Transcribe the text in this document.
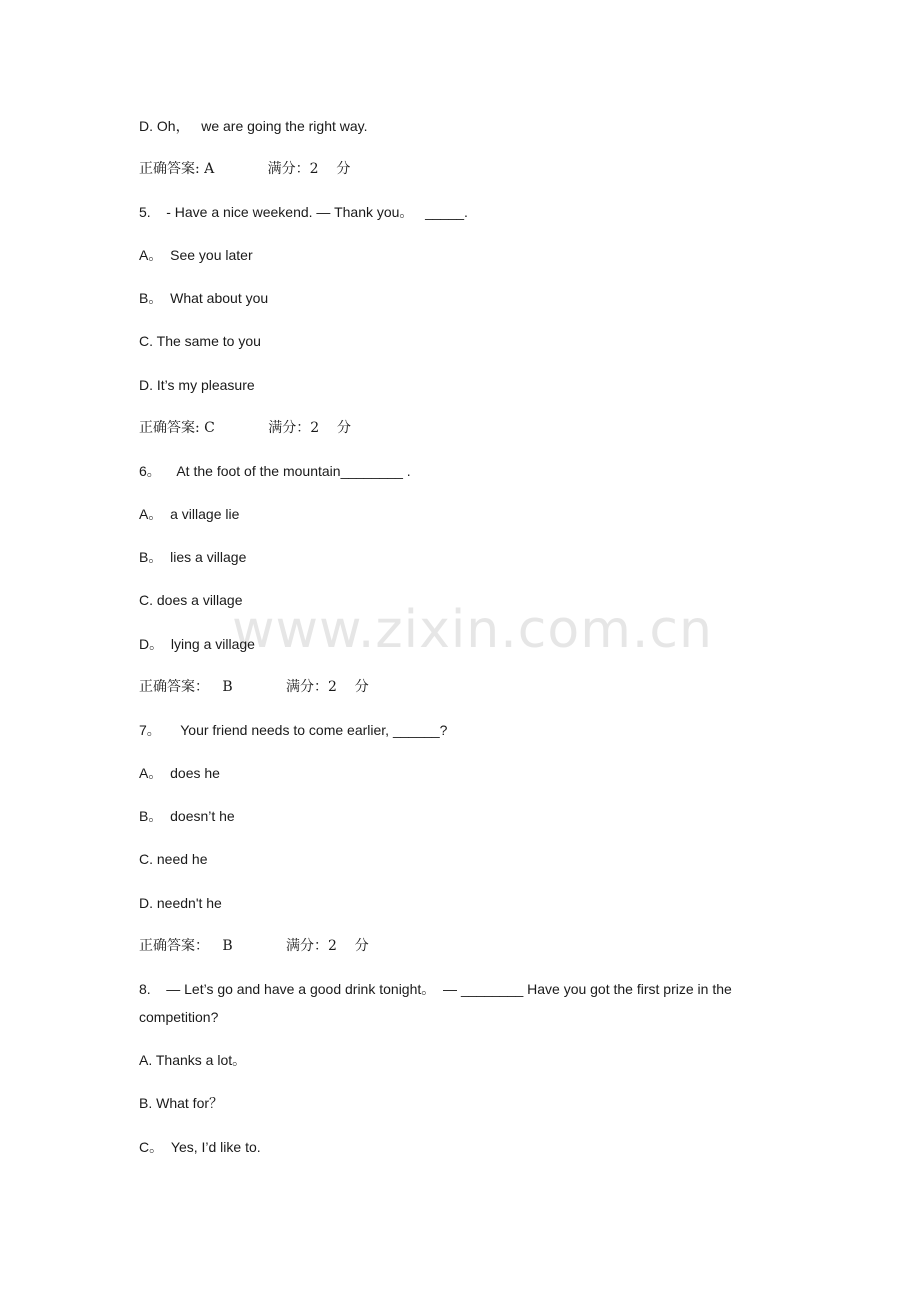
www.zixin.com.cn
D. Oh，   we are going the right way.
正确答案: A            满分：2    分
5.    - Have a nice weekend. — Thank you。   _____.
A。  See you later
B。  What about you
C. The same to you
D. It’s my pleasure
正确答案: C            满分：2    分
6。    At the foot of the mountain________ .
A。  a village lie
B。  lies a village
C. does a village
D。  lying a village
正确答案：   B            满分：2    分
7。     Your friend needs to come earlier, ______?
A。  does he
B。  doesn’t he
C. need he
D. needn't he
正确答案：   B            满分：2    分
8.    — Let’s go and have a good drink tonight。  — ________ Have you got the first prize in the
competition?
A. Thanks a lot。
B. What for？
C。  Yes, I’d like to.
